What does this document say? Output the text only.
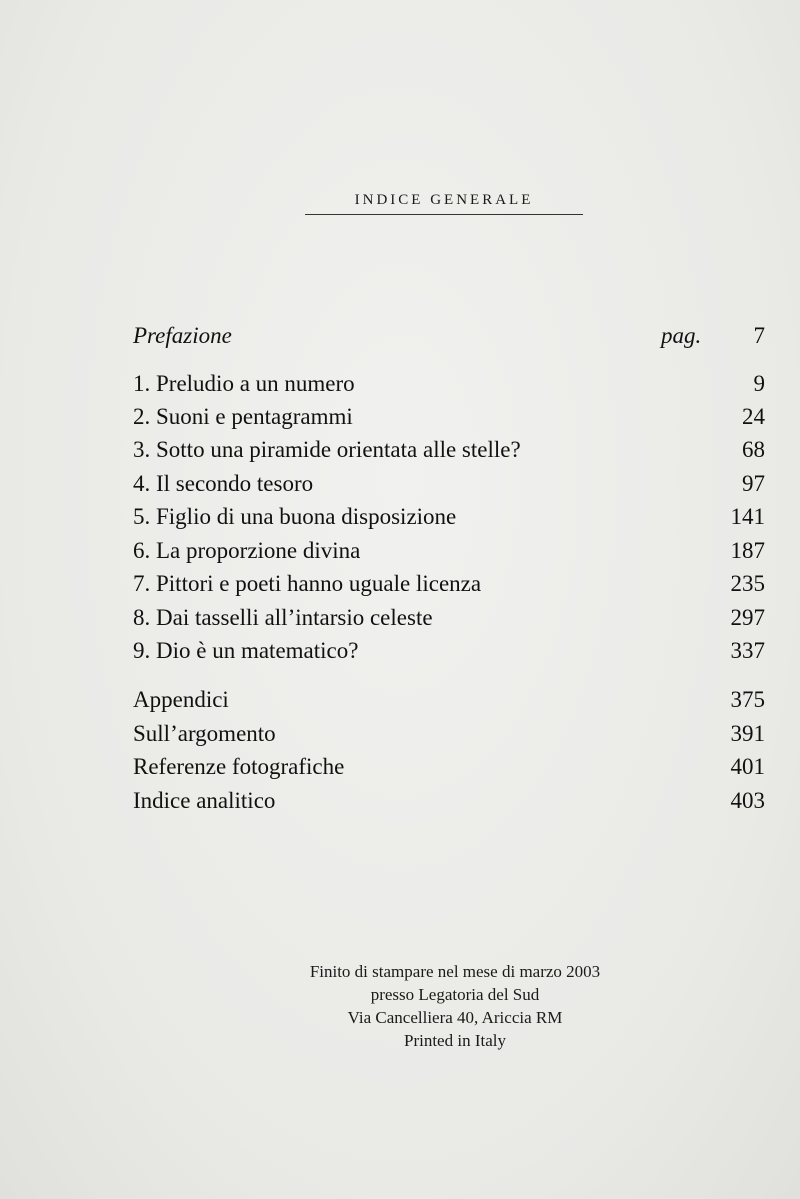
INDICE GENERALE
Prefazione	pag. 7
1. Preludio a un numero	9
2. Suoni e pentagrammi	24
3. Sotto una piramide orientata alle stelle?	68
4. Il secondo tesoro	97
5. Figlio di una buona disposizione	141
6. La proporzione divina	187
7. Pittori e poeti hanno uguale licenza	235
8. Dai tasselli all’intarsio celeste	297
9. Dio è un matematico?	337
Appendici	375
Sull’argomento	391
Referenze fotografiche	401
Indice analitico	403
Finito di stampare nel mese di marzo 2003
presso Legatoria del Sud
Via Cancelliera 40, Ariccia RM
Printed in Italy
